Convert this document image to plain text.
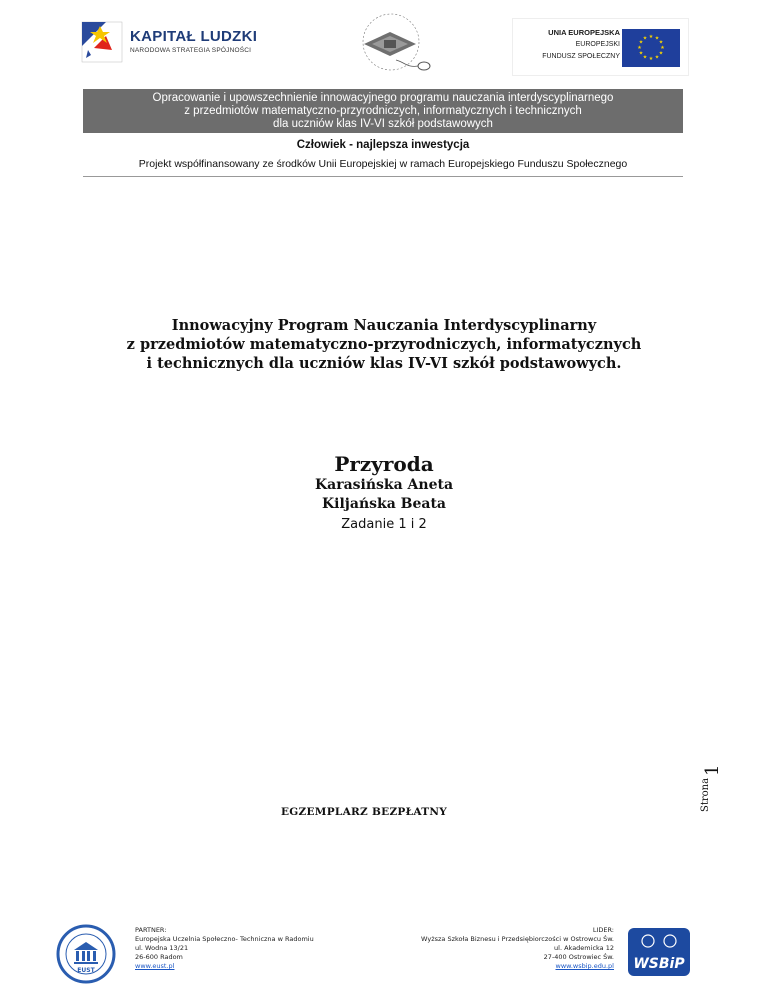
KAPITAŁ LUDZKI
NARODOWA STRATEGIA SPÓJNOŚCI
UNIA EUROPEJSKA
EUROPEJSKI
FUNDUSZ SPOŁECZNY
★ ★
★
★
★
★
★
★
★
★
★
★
Opracowanie i upowszechnienie innowacyjnego programu nauczania interdyscyplinarnego
z przedmiotów matematyczno-przyrodniczych, informatycznych i technicznych
dla uczniów klas IV-VI szkół podstawowych
Człowiek - najlepsza inwestycja
Projekt współfinansowany ze środków Unii Europejskiej w ramach Europejskiego Funduszu Społecznego
Innowacyjny Program Nauczania Interdyscyplinarny
z przedmiotów matematyczno-przyrodniczych, informatycznych
i technicznych dla uczniów klas IV-VI szkół podstawowych.
Przyroda
Karasińska Aneta
Kiljańska Beata
Zadanie 1 i 2
Strona
1
EGZEMPLARZ BEZPŁATNY
EUST
PARTNER:
Europejska Uczelnia Społeczno- Techniczna w Radomiu
ul. Wodna 13/21
26-600 Radom
www.eust.pl
LIDER:
Wyższa Szkoła Biznesu i Przedsiębiorczości w Ostrowcu Św.
ul. Akademicka 12
27-400 Ostrowiec Św.
www.wsbip.edu.pl WSBiP
